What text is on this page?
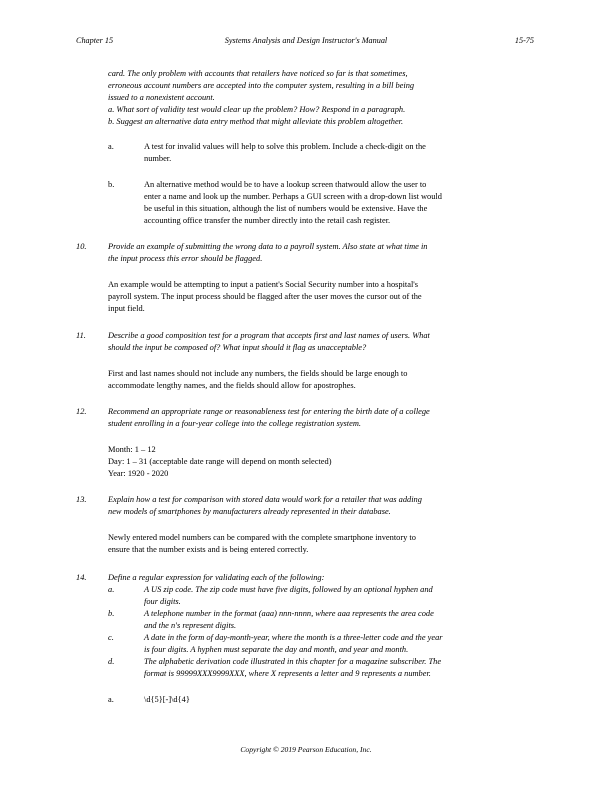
Chapter 15	Systems Analysis and Design Instructor's Manual	15-75
card. The only problem with accounts that retailers have noticed so far is that sometimes,
erroneous account numbers are accepted into the computer system, resulting in a bill being
issued to a nonexistent account.
a. What sort of validity test would clear up the problem? How? Respond in a paragraph.
b. Suggest an alternative data entry method that might alleviate this problem altogether.
a.	A test for invalid values will help to solve this problem. Include a check-digit on the
number.
b.	An alternative method would be to have a lookup screen thatwould allow the user to
enter a name and look up the number. Perhaps a GUI screen with a drop-down list would
be useful in this situation, although the list of numbers would be extensive. Have the
accounting office transfer the number directly into the retail cash register.
10.	Provide an example of submitting the wrong data to a payroll system. Also state at what time in
the input process this error should be flagged.
An example would be attempting to input a patient's Social Security number into a hospital's
payroll system. The input process should be flagged after the user moves the cursor out of the
input field.
11.	Describe a good composition test for a program that accepts first and last names of users. What
should the input be composed of? What input should it flag as unacceptable?
First and last names should not include any numbers, the fields should be large enough to
accommodate lengthy names, and the fields should allow for apostrophes.
12.	Recommend an appropriate range or reasonableness test for entering the birth date of a college
student enrolling in a four-year college into the college registration system.
Month: 1 – 12
Day: 1 – 31 (acceptable date range will depend on month selected)
Year: 1920 - 2020
13.	Explain how a test for comparison with stored data would work for a retailer that was adding
new models of smartphones by manufacturers already represented in their database.
Newly entered model numbers can be compared with the complete smartphone inventory to
ensure that the number exists and is being entered correctly.
14.	Define a regular expression for validating each of the following:
a.	A US zip code. The zip code must have five digits, followed by an optional hyphen and
four digits.
b.	A telephone number in the format (aaa) nnn-nnnn, where aaa represents the area code
and the n's represent digits.
c.	A date in the form of day-month-year, where the month is a three-letter code and the year
is four digits. A hyphen must separate the day and month, and year and month.
d.	The alphabetic derivation code illustrated in this chapter for a magazine subscriber. The
format is 99999XXX9999XXX, where X represents a letter and 9 represents a number.
a.	\d{5}[-]\d{4}
Copyright © 2019 Pearson Education, Inc.
